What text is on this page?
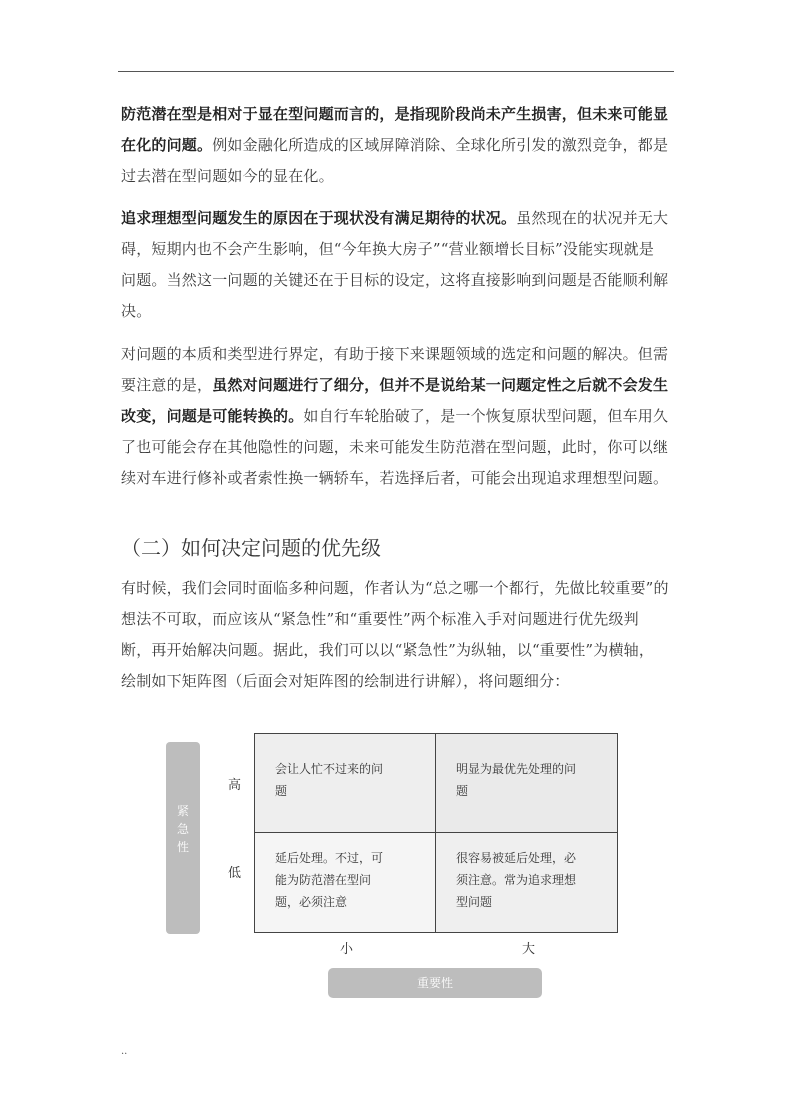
防范潜在型是相对于显在型问题而言的，是指现阶段尚未产生损害，但未来可能显在化的问题。例如金融化所造成的区域屏障消除、全球化所引发的激烈竞争，都是过去潜在型问题如今的显在化。

追求理想型问题发生的原因在于现状没有满足期待的状况。虽然现在的状况并无大碍，短期内也不会产生影响，但“今年换大房子”“营业额增长目标”没能实现就是问题。当然这一问题的关键还在于目标的设定，这将直接影响到问题是否能顺利解决。

对问题的本质和类型进行界定，有助于接下来课题领域的选定和问题的解决。但需要注意的是，虽然对问题进行了细分，但并不是说给某一问题定性之后就不会发生改变，问题是可能转换的。如自行车轮胎破了，是一个恢复原状型问题，但车用久了也可能会存在其他隐性的问题，未来可能发生防范潜在型问题，此时，你可以继续对车进行修补或者索性换一辆轿车，若选择后者，可能会出现追求理想型问题。

（二）如何决定问题的优先级

有时候，我们会同时面临多种问题，作者认为“总之哪一个都行，先做比较重要”的想法不可取，而应该从“紧急性”和“重要性”两个标准入手对问题进行优先级判断，再开始解决问题。据此，我们可以以“紧急性”为纵轴，以“重要性”为横轴，绘制如下矩阵图（后面会对矩阵图的绘制进行讲解），将问题细分：

紧急性
高
低
会让人忙不过来的问题
明显为最优先处理的问题
延后处理。不过，可能为防范潜在型问题，必须注意
很容易被延后处理，必须注意。常为追求理想型问题
小	大
重要性
..
